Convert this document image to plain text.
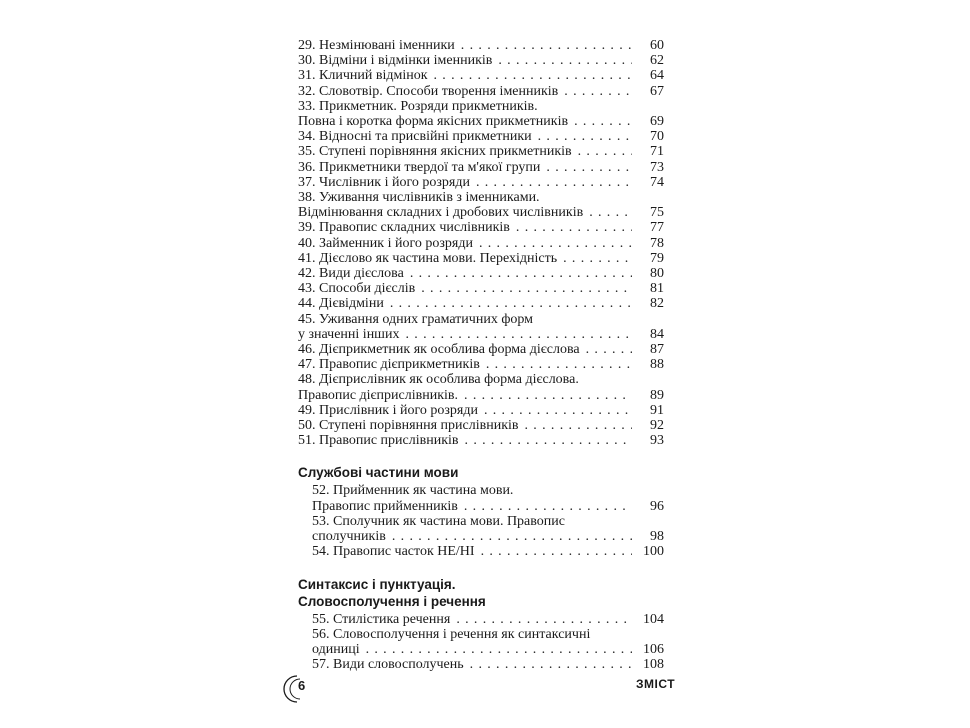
29.
Незмінювані іменники . . .	60
30.
Відміни і відмінки іменників . . .	62
31.
Кличний відмінок . . .	64
32.
Словотвір. Способи творення іменників . . .	67
33.
Прикметник. Розряди прикметників.
Повна і коротка форма якісних прикметників . . .	69
34.
Відносні та присвійні прикметники . . .	70
35.
Ступені порівняння якісних прикметників . . .	71
36.
Прикметники твердої та м'якої групи . . .	73
37.
Числівник і його розряди . . .	74
38.
Уживання числівників з іменниками.
Відмінювання складних і дробових числівників . . .	75
39.
Правопис складних числівників . . .	77
40.
Займенник і його розряди . . .	78
41.
Дієслово як частина мови. Перехідність . . .	79
42.
Види дієслова . . .	80
43.
Способи дієслів . . .	81
44.
Дієвідміни . . .	82
45.
Уживання одних граматичних форм
у значенні інших . . .	84
46.
Дієприкметник як особлива форма дієслова . . .	87
47.
Правопис дієприкметників . . .	88
48.
Дієприслівник як особлива форма дієслова.
Правопис дієприслівників. . . .	89
49.
Прислівник і його розряди . . .	91
50.
Ступені порівняння прислівників . . .	92
51.
Правопис прислівників . . .	93
Службові частини мови
52.
Прийменник як частина мови.
Правопис прийменників . . .	96
53.
Сполучник як частина мови. Правопис
сполучників . . .	98
54.
Правопис часток НЕ/НІ . . .	100
Синтаксис і пунктуація.
Словосполучення і речення
55.
Стилістика речення . . .	104
56.
Словосполучення і речення як синтаксичні
одиниці . . .	106
57.
Види словосполучень . . .	108
6	ЗМІСТ
